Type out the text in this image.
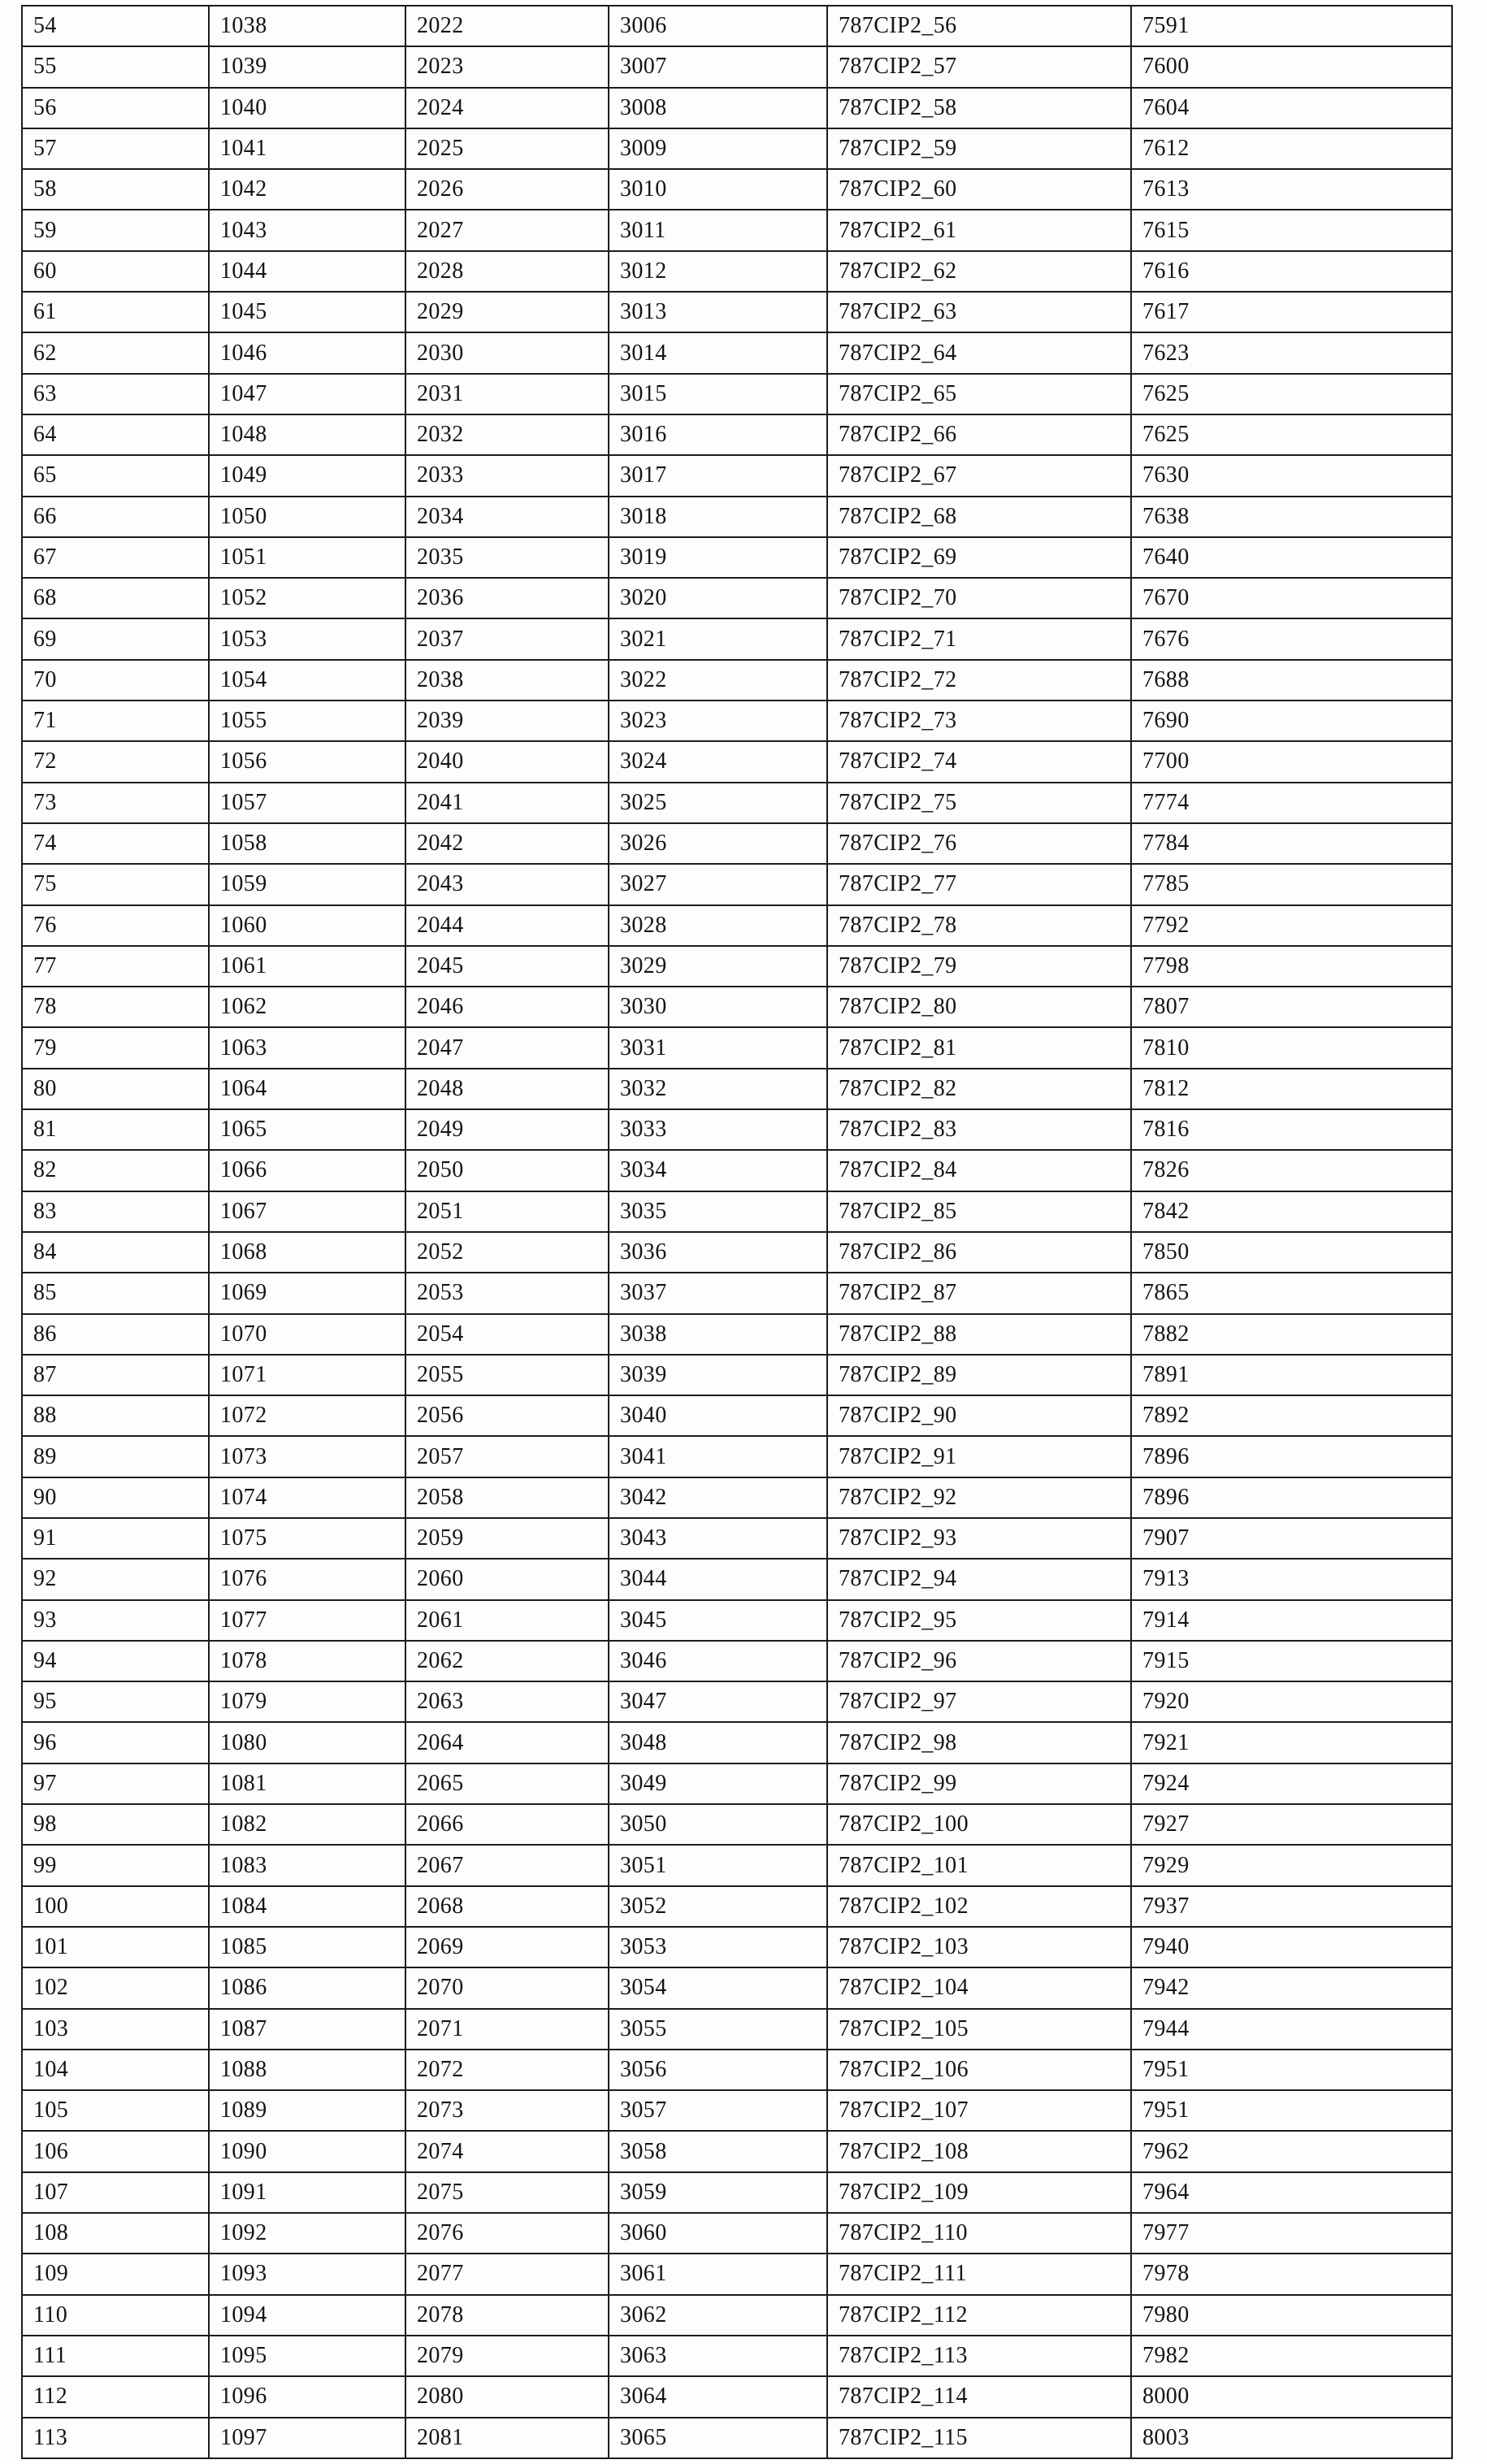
54	1038	2022	3006	787CIP2_56	7591
55	1039	2023	3007	787CIP2_57	7600
56	1040	2024	3008	787CIP2_58	7604
57	1041	2025	3009	787CIP2_59	7612
58	1042	2026	3010	787CIP2_60	7613
59	1043	2027	3011	787CIP2_61	7615
60	1044	2028	3012	787CIP2_62	7616
61	1045	2029	3013	787CIP2_63	7617
62	1046	2030	3014	787CIP2_64	7623
63	1047	2031	3015	787CIP2_65	7625
64	1048	2032	3016	787CIP2_66	7625
65	1049	2033	3017	787CIP2_67	7630
66	1050	2034	3018	787CIP2_68	7638
67	1051	2035	3019	787CIP2_69	7640
68	1052	2036	3020	787CIP2_70	7670
69	1053	2037	3021	787CIP2_71	7676
70	1054	2038	3022	787CIP2_72	7688
71	1055	2039	3023	787CIP2_73	7690
72	1056	2040	3024	787CIP2_74	7700
73	1057	2041	3025	787CIP2_75	7774
74	1058	2042	3026	787CIP2_76	7784
75	1059	2043	3027	787CIP2_77	7785
76	1060	2044	3028	787CIP2_78	7792
77	1061	2045	3029	787CIP2_79	7798
78	1062	2046	3030	787CIP2_80	7807
79	1063	2047	3031	787CIP2_81	7810
80	1064	2048	3032	787CIP2_82	7812
81	1065	2049	3033	787CIP2_83	7816
82	1066	2050	3034	787CIP2_84	7826
83	1067	2051	3035	787CIP2_85	7842
84	1068	2052	3036	787CIP2_86	7850
85	1069	2053	3037	787CIP2_87	7865
86	1070	2054	3038	787CIP2_88	7882
87	1071	2055	3039	787CIP2_89	7891
88	1072	2056	3040	787CIP2_90	7892
89	1073	2057	3041	787CIP2_91	7896
90	1074	2058	3042	787CIP2_92	7896
91	1075	2059	3043	787CIP2_93	7907
92	1076	2060	3044	787CIP2_94	7913
93	1077	2061	3045	787CIP2_95	7914
94	1078	2062	3046	787CIP2_96	7915
95	1079	2063	3047	787CIP2_97	7920
96	1080	2064	3048	787CIP2_98	7921
97	1081	2065	3049	787CIP2_99	7924
98	1082	2066	3050	787CIP2_100	7927
99	1083	2067	3051	787CIP2_101	7929
100	1084	2068	3052	787CIP2_102	7937
101	1085	2069	3053	787CIP2_103	7940
102	1086	2070	3054	787CIP2_104	7942
103	1087	2071	3055	787CIP2_105	7944
104	1088	2072	3056	787CIP2_106	7951
105	1089	2073	3057	787CIP2_107	7951
106	1090	2074	3058	787CIP2_108	7962
107	1091	2075	3059	787CIP2_109	7964
108	1092	2076	3060	787CIP2_110	7977
109	1093	2077	3061	787CIP2_111	7978
110	1094	2078	3062	787CIP2_112	7980
111	1095	2079	3063	787CIP2_113	7982
112	1096	2080	3064	787CIP2_114	8000
113	1097	2081	3065	787CIP2_115	8003
